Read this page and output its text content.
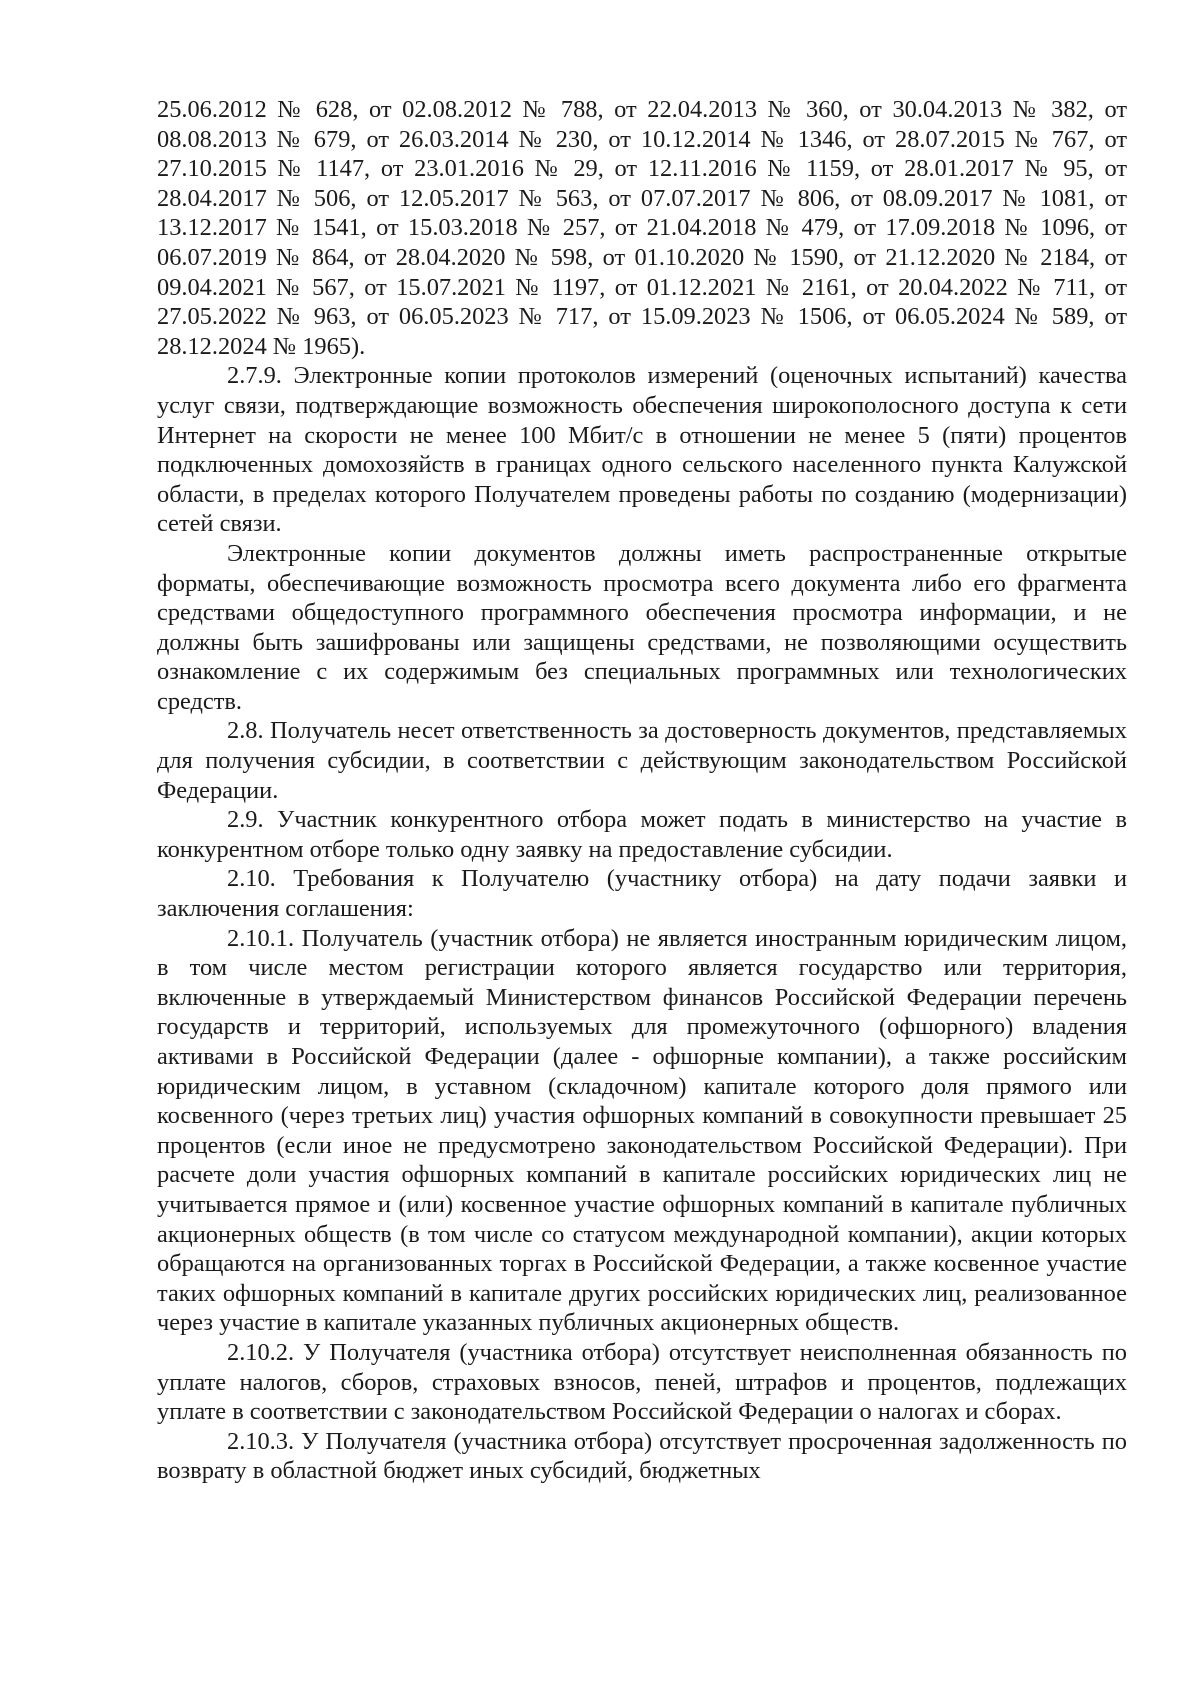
25.06.2012 № 628, от 02.08.2012 № 788, от 22.04.2013 № 360, от 30.04.2013 № 382, от 08.08.2013 № 679, от 26.03.2014 № 230, от 10.12.2014 № 1346, от 28.07.2015 № 767, от 27.10.2015 № 1147, от 23.01.2016 № 29, от 12.11.2016 № 1159, от 28.01.2017 № 95, от 28.04.2017 № 506, от 12.05.2017 № 563, от 07.07.2017 № 806, от 08.09.2017 № 1081, от 13.12.2017 № 1541, от 15.03.2018 № 257, от 21.04.2018 № 479, от 17.09.2018 № 1096, от 06.07.2019 № 864, от 28.04.2020 № 598, от 01.10.2020 № 1590, от 21.12.2020 № 2184, от 09.04.2021 № 567, от 15.07.2021 № 1197, от 01.12.2021 № 2161, от 20.04.2022 № 711, от 27.05.2022 № 963, от 06.05.2023 № 717, от 15.09.2023 № 1506, от 06.05.2024 № 589, от 28.12.2024 № 1965).

2.7.9. Электронные копии протоколов измерений (оценочных испытаний) качества услуг связи, подтверждающие возможность обеспечения широкополосного доступа к сети Интернет на скорости не менее 100 Мбит/с в отношении не менее 5 (пяти) процентов подключенных домохозяйств в границах одного сельского населенного пункта Калужской области, в пределах которого Получателем проведены работы по созданию (модернизации) сетей связи.

Электронные копии документов должны иметь распространенные открытые форматы, обеспечивающие возможность просмотра всего документа либо его фрагмента средствами общедоступного программного обеспечения просмотра информации, и не должны быть зашифрованы или защищены средствами, не позволяющими осуществить ознакомление с их содержимым без специальных программных или технологических средств.

2.8. Получатель несет ответственность за достоверность документов, представляемых для получения субсидии, в соответствии с действующим законодательством Российской Федерации.

2.9. Участник конкурентного отбора может подать в министерство на участие в конкурентном отборе только одну заявку на предоставление субсидии.

2.10. Требования к Получателю (участнику отбора) на дату подачи заявки и заключения соглашения:

2.10.1. Получатель (участник отбора) не является иностранным юридическим лицом, в том числе местом регистрации которого является государство или территория, включенные в утверждаемый Министерством финансов Российской Федерации перечень государств и территорий, используемых для промежуточного (офшорного) владения активами в Российской Федерации (далее - офшорные компании), а также российским юридическим лицом, в уставном (складочном) капитале которого доля прямого или косвенного (через третьих лиц) участия офшорных компаний в совокупности превышает 25 процентов (если иное не предусмотрено законодательством Российской Федерации). При расчете доли участия офшорных компаний в капитале российских юридических лиц не учитывается прямое и (или) косвенное участие офшорных компаний в капитале публичных акционерных обществ (в том числе со статусом международной компании), акции которых обращаются на организованных торгах в Российской Федерации, а также косвенное участие таких офшорных компаний в капитале других российских юридических лиц, реализованное через участие в капитале указанных публичных акционерных обществ.

2.10.2. У Получателя (участника отбора) отсутствует неисполненная обязанность по уплате налогов, сборов, страховых взносов, пеней, штрафов и процентов, подлежащих уплате в соответствии с законодательством Российской Федерации о налогах и сборах.

2.10.3. У Получателя (участника отбора) отсутствует просроченная задолженность по возврату в областной бюджет иных субсидий, бюджетных
